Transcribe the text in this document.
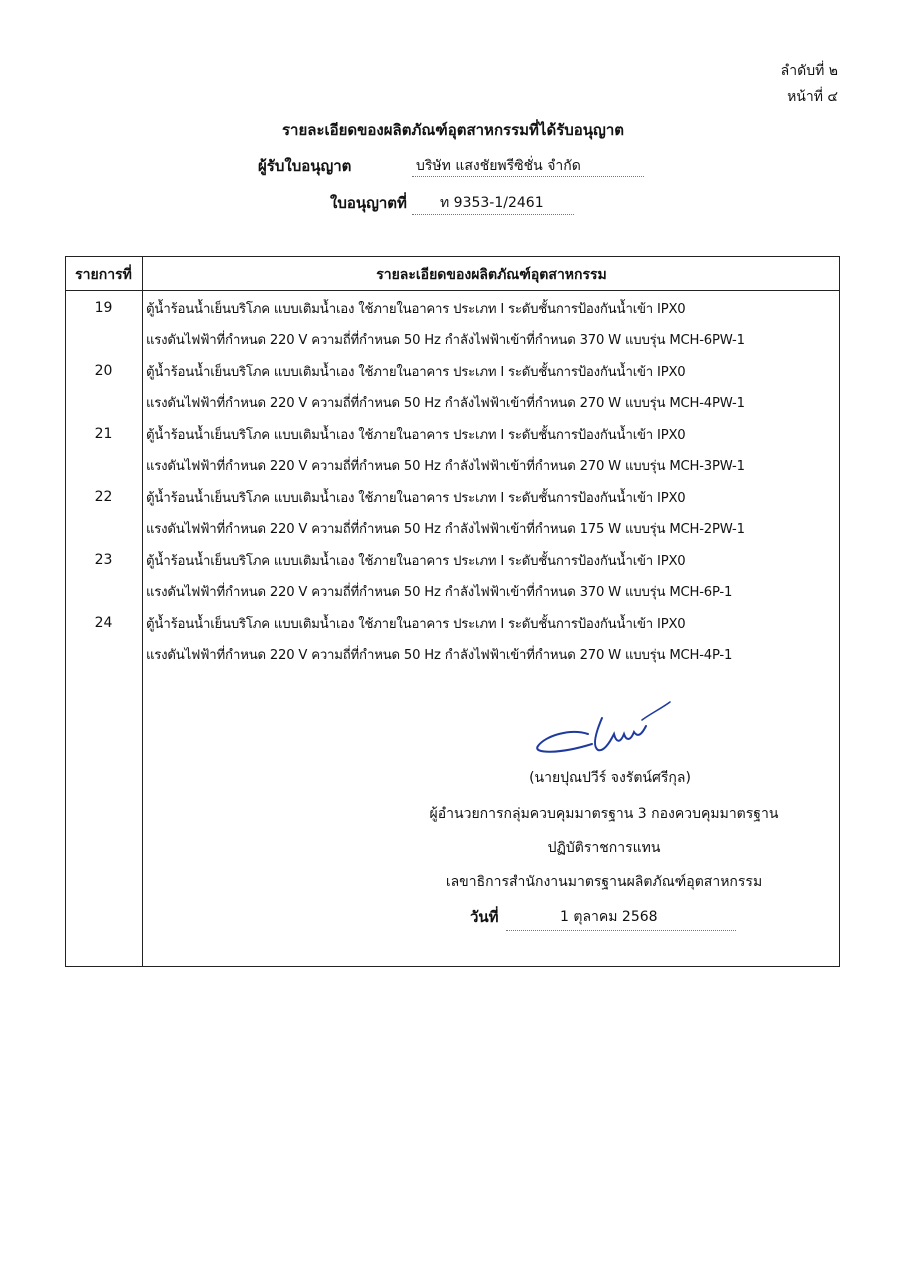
ลำดับที่ ๒
หน้าที่ ๔
รายละเอียดของผลิตภัณฑ์อุตสาหกรรมที่ได้รับอนุญาต
ผู้รับใบอนุญาต	บริษัท แสงชัยพรีซิชั่น จำกัด
ใบอนุญาตที่ ท 9353-1/2461
รายการที่	รายละเอียดของผลิตภัณฑ์อุตสาหกรรม
19	ตู้น้ำร้อนน้ำเย็นบริโภค แบบเติมน้ำเอง ใช้ภายในอาคาร ประเภท I ระดับชั้นการป้องกันน้ำเข้า IPX0
แรงดันไฟฟ้าที่กำหนด 220 V ความถี่ที่กำหนด 50 Hz กำลังไฟฟ้าเข้าที่กำหนด 370 W แบบรุ่น MCH-6PW-1
20	ตู้น้ำร้อนน้ำเย็นบริโภค แบบเติมน้ำเอง ใช้ภายในอาคาร ประเภท I ระดับชั้นการป้องกันน้ำเข้า IPX0
แรงดันไฟฟ้าที่กำหนด 220 V ความถี่ที่กำหนด 50 Hz กำลังไฟฟ้าเข้าที่กำหนด 270 W แบบรุ่น MCH-4PW-1
21	ตู้น้ำร้อนน้ำเย็นบริโภค แบบเติมน้ำเอง ใช้ภายในอาคาร ประเภท I ระดับชั้นการป้องกันน้ำเข้า IPX0
แรงดันไฟฟ้าที่กำหนด 220 V ความถี่ที่กำหนด 50 Hz กำลังไฟฟ้าเข้าที่กำหนด 270 W แบบรุ่น MCH-3PW-1
22	ตู้น้ำร้อนน้ำเย็นบริโภค แบบเติมน้ำเอง ใช้ภายในอาคาร ประเภท I ระดับชั้นการป้องกันน้ำเข้า IPX0
แรงดันไฟฟ้าที่กำหนด 220 V ความถี่ที่กำหนด 50 Hz กำลังไฟฟ้าเข้าที่กำหนด 175 W แบบรุ่น MCH-2PW-1
23	ตู้น้ำร้อนน้ำเย็นบริโภค แบบเติมน้ำเอง ใช้ภายในอาคาร ประเภท I ระดับชั้นการป้องกันน้ำเข้า IPX0
แรงดันไฟฟ้าที่กำหนด 220 V ความถี่ที่กำหนด 50 Hz กำลังไฟฟ้าเข้าที่กำหนด 370 W แบบรุ่น MCH-6P-1
24	ตู้น้ำร้อนน้ำเย็นบริโภค แบบเติมน้ำเอง ใช้ภายในอาคาร ประเภท I ระดับชั้นการป้องกันน้ำเข้า IPX0
แรงดันไฟฟ้าที่กำหนด 220 V ความถี่ที่กำหนด 50 Hz กำลังไฟฟ้าเข้าที่กำหนด 270 W แบบรุ่น MCH-4P-1
(นายปุณปวีร์ จงรัตน์ศรีกุล)
ผู้อำนวยการกลุ่มควบคุมมาตรฐาน 3 กองควบคุมมาตรฐาน
ปฏิบัติราชการแทน
เลขาธิการสำนักงานมาตรฐานผลิตภัณฑ์อุตสาหกรรม
วันที่	1 ตุลาคม 2568
